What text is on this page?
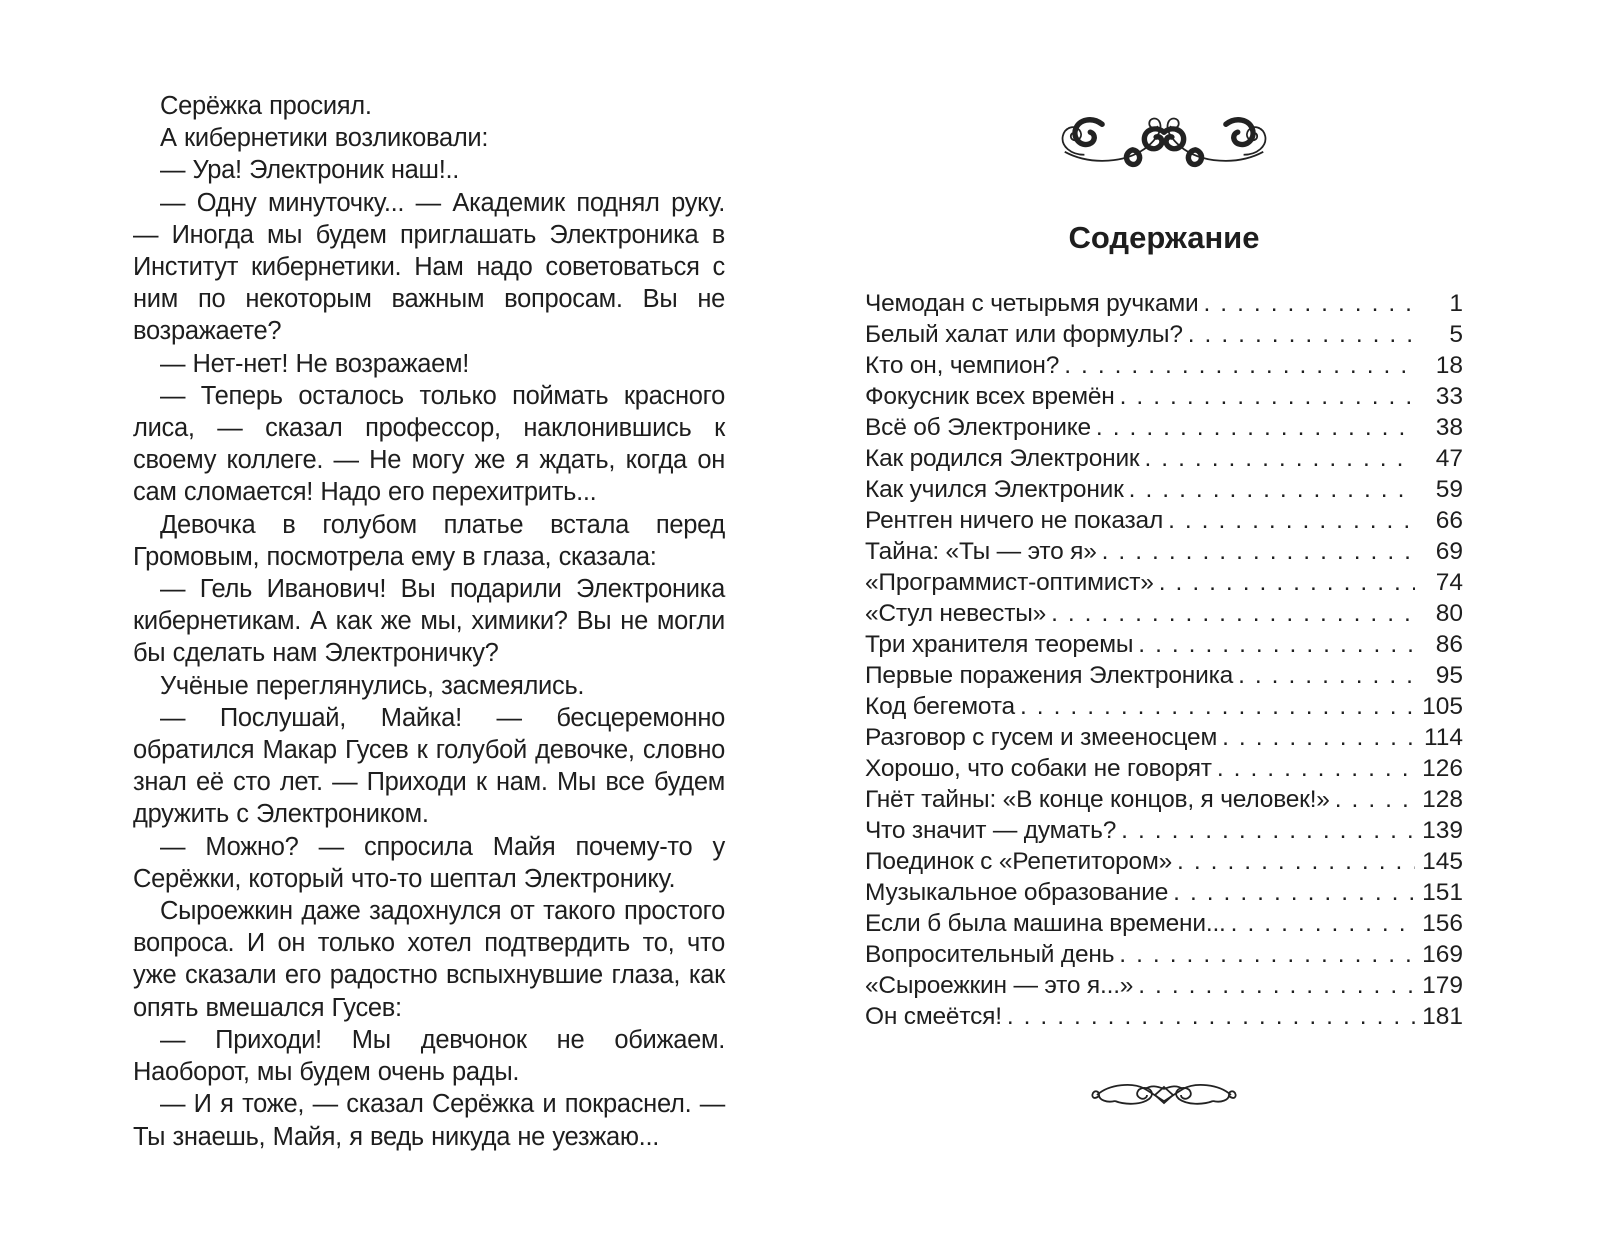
Серёжка просиял.

А кибернетики возликовали:

— Ура! Электроник наш!..

— Одну минуточку... — Академик поднял руку. — Иногда мы будем приглашать Электроника в Институт кибернетики. Нам надо советоваться с ним по некоторым важным вопросам. Вы не возражаете?

— Нет-нет! Не возражаем!

— Теперь осталось только поймать красного лиса, — сказал профессор, наклонившись к своему коллеге. — Не могу же я ждать, когда он сам сломается! Надо его перехитрить...

Девочка в голубом платье встала перед Громовым, посмотрела ему в глаза, сказала:

— Гель Иванович! Вы подарили Электроника кибернетикам. А как же мы, химики? Вы не могли бы сделать нам Электроничку?

Учёные переглянулись, засмеялись.

— Послушай, Майка! — бесцеремонно обратился Макар Гусев к голубой девочке, словно знал её сто лет. — Приходи к нам. Мы все будем дружить с Электроником.

— Можно? — спросила Майя почему-то у Серёжки, который что-то шептал Электронику.

Сыроежкин даже задохнулся от такого простого вопроса. И он только хотел подтвердить то, что уже сказали его радостно вспыхнувшие глаза, как опять вмешался Гусев:

— Приходи! Мы девчонок не обижаем. Наоборот, мы будем очень рады.

— И я тоже, — сказал Серёжка и покраснел. — Ты знаешь, Майя, я ведь никуда не уезжаю...

Содержание
Чемодан с четырьмя ручками .....	1
Белый халат или формулы? .....	5
Кто он, чемпион? .....	18
Фокусник всех времён .....	33
Всё об Электронике .....	38
Как родился Электроник .....	47
Как учился Электроник .....	59
Рентген ничего не показал .....	66
Тайна: «Ты — это я» .....	69
«Программист-оптимист» .....	74
«Стул невесты» .....	80
Три хранителя теоремы .....	86
Первые поражения Электроника .....	95
Код бегемота .....	105
Разговор с гусем и змееносцем .....	114
Хорошо, что собаки не говорят .....	126
Гнёт тайны: «В конце концов, я человек!» .....	128
Что значит — думать? .....	139
Поединок с «Репетитором» .....	145
Музыкальное образование .....	151
Если б была машина времени... .....	156
Вопросительный день .....	169
«Сыроежкин — это я...» .....	179
Он смеётся! .....	181
